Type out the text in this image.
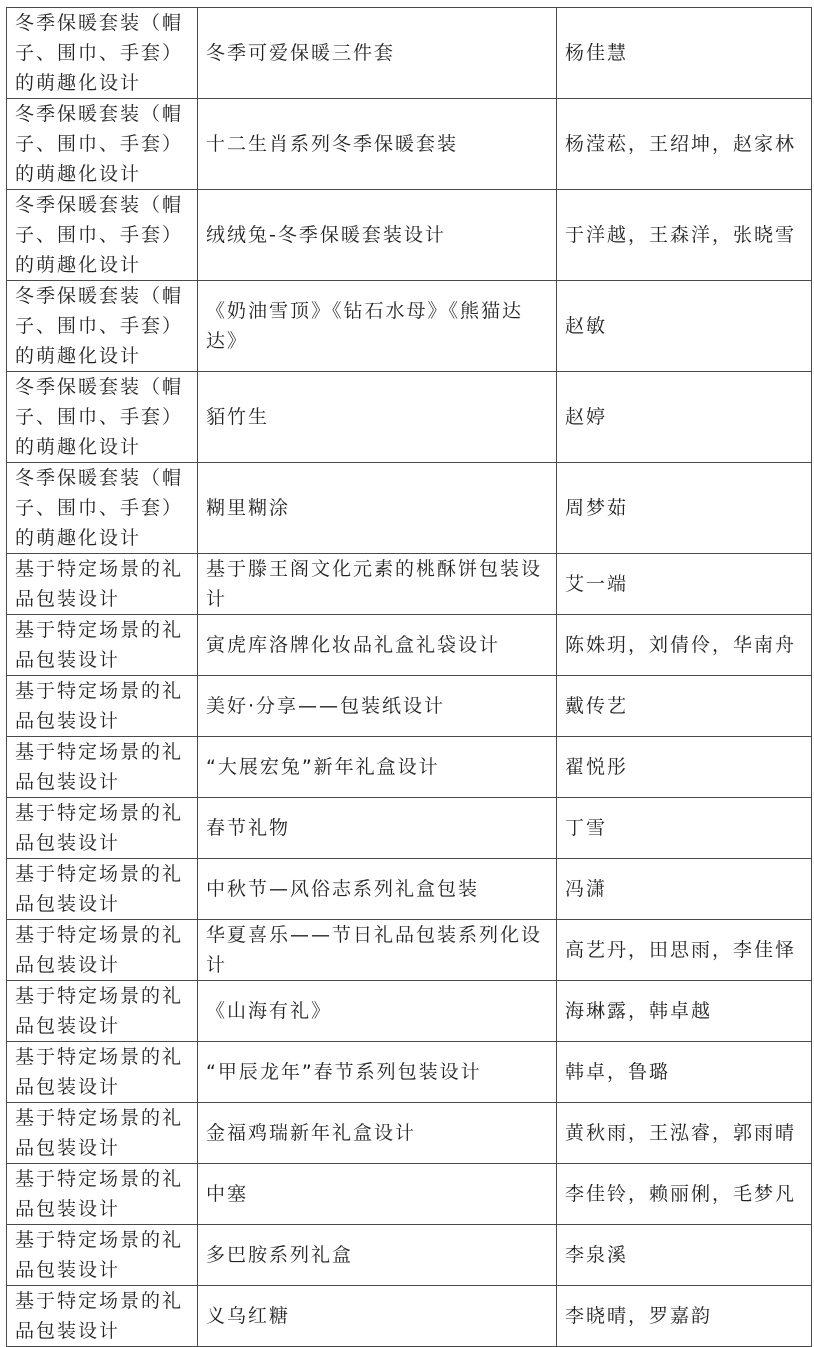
冬季保暖套装（帽子、围巾、手套）的萌趣化设计	冬季可爱保暖三件套	杨佳慧
冬季保暖套装（帽子、围巾、手套）的萌趣化设计	十二生肖系列冬季保暖套装	杨滢菘，王绍坤，赵家林
冬季保暖套装（帽子、围巾、手套）的萌趣化设计	绒绒兔-冬季保暖套装设计	于洋越，王森洋，张晓雪
冬季保暖套装（帽子、围巾、手套）的萌趣化设计	《奶油雪顶》《钻石水母》《熊猫达达》	赵敏
冬季保暖套装（帽子、围巾、手套）的萌趣化设计	貊竹生	赵婷
冬季保暖套装（帽子、围巾、手套）的萌趣化设计	糊里糊涂	周梦茹
基于特定场景的礼品包装设计	基于滕王阁文化元素的桃酥饼包装设计	艾一端
基于特定场景的礼品包装设计	寅虎库洛牌化妆品礼盒礼袋设计	陈姝玥，刘倩伶，华南舟
基于特定场景的礼品包装设计	美好·分享——包装纸设计	戴传艺
基于特定场景的礼品包装设计	“大展宏兔”新年礼盒设计	翟悦彤
基于特定场景的礼品包装设计	春节礼物	丁雪
基于特定场景的礼品包装设计	中秋节—风俗志系列礼盒包装	冯潇
基于特定场景的礼品包装设计	华夏喜乐——节日礼品包装系列化设计	高艺丹，田思雨，李佳怿
基于特定场景的礼品包装设计	《山海有礼》	海琳露，韩卓越
基于特定场景的礼品包装设计	“甲辰龙年”春节系列包装设计	韩卓，鲁璐
基于特定场景的礼品包装设计	金福鸡瑞新年礼盒设计	黄秋雨，王泓睿，郭雨晴
基于特定场景的礼品包装设计	中塞	李佳铃，赖丽俐，毛梦凡
基于特定场景的礼品包装设计	多巴胺系列礼盒	李泉溪
基于特定场景的礼品包装设计	义乌红糖	李晓晴，罗嘉韵
